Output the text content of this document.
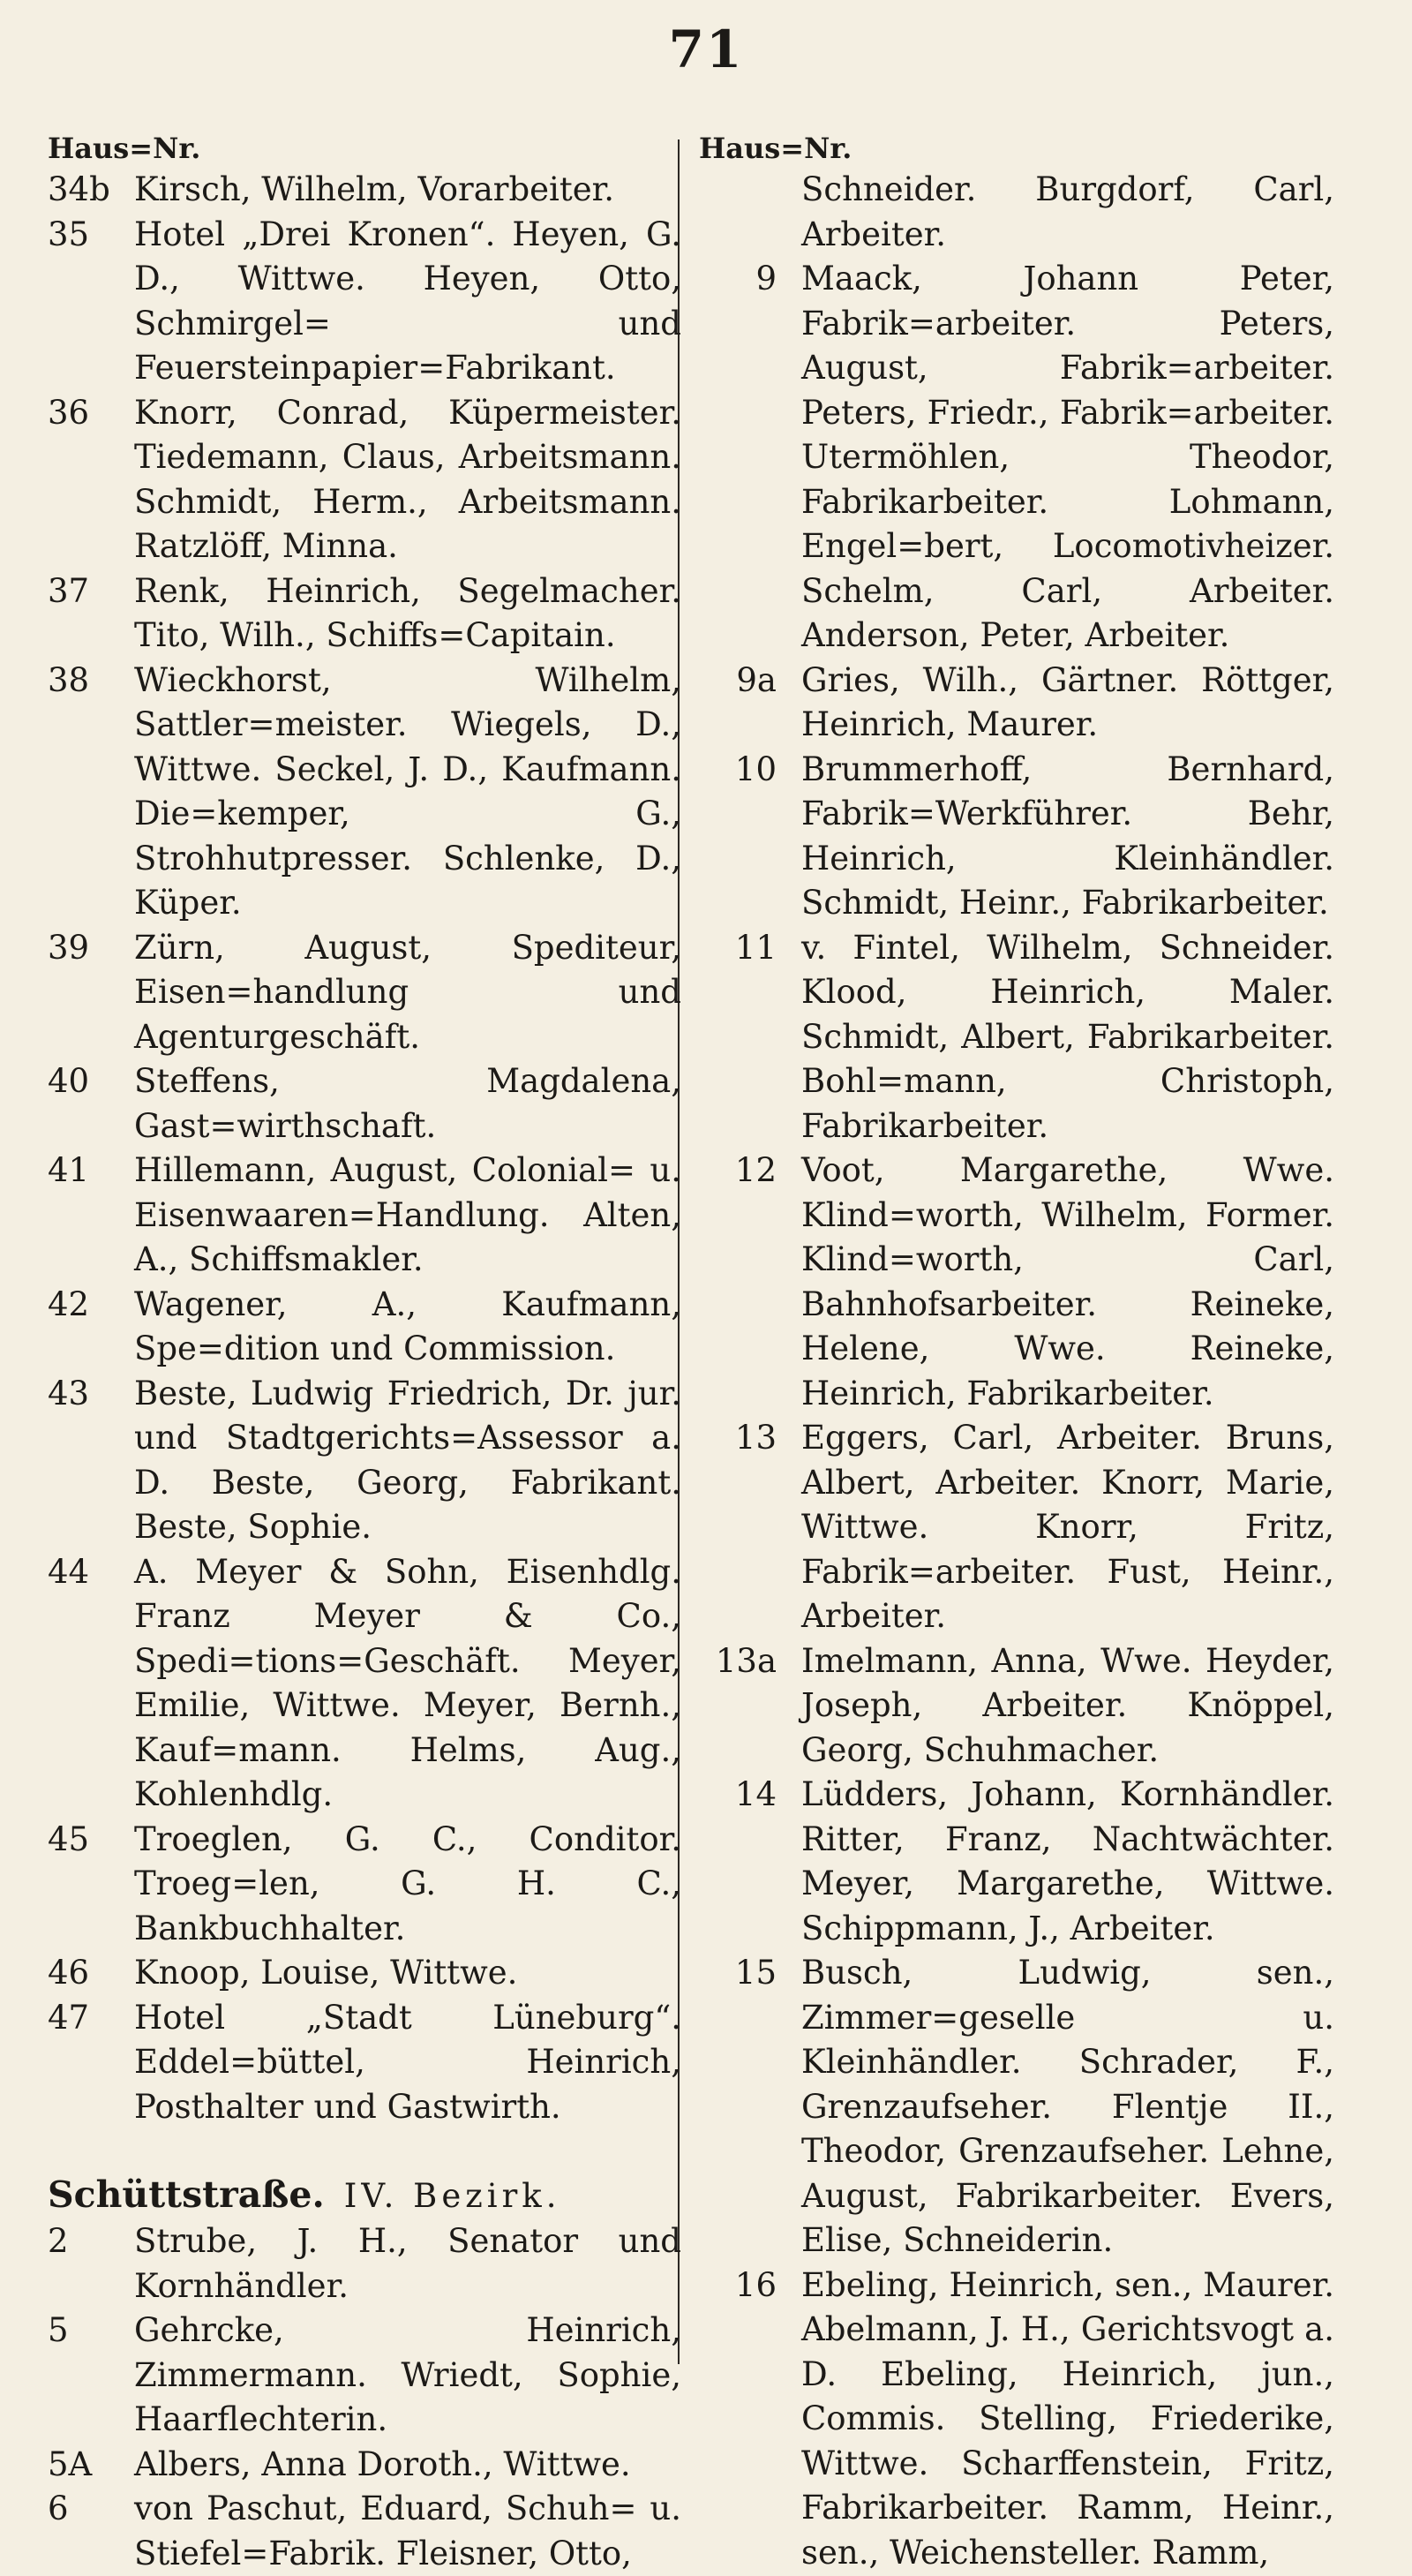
71
Haus=Nr.
34b Kirsch, Wilhelm, Vorarbeiter.
35	Hotel „Drei Kronen“. Heyen, G. D., Wittwe. Heyen, Otto, Schmirgel= und Feuersteinpapier=Fabrikant.
36	Knorr, Conrad, Küpermeister. Tiedemann, Claus, Arbeitsmann. Schmidt, Herm., Arbeitsmann. Ratzlöff, Minna.
37	Renk, Heinrich, Segelmacher. Tito, Wilh., Schiffs=Capitain.
38	Wieckhorst, Wilhelm, Sattler=meister. Wiegels, D., Wittwe. Seckel, J. D., Kaufmann. Die=kemper, G., Strohhutpresser. Schlenke, D., Küper.
39	Zürn, August, Spediteur, Eisen=handlung und Agenturgeschäft.
40	Steffens, Magdalena, Gast=wirthschaft.
41	Hillemann, August, Colonial= u. Eisenwaaren=Handlung. Alten, A., Schiffsmakler.
42	Wagener, A., Kaufmann, Spe=dition und Commission.
43	Beste, Ludwig Friedrich, Dr. jur. und Stadtgerichts=Assessor a. D. Beste, Georg, Fabrikant. Beste, Sophie.
44	A. Meyer & Sohn, Eisenhdlg. Franz Meyer & Co., Spedi=tions=Geschäft. Meyer, Emilie, Wittwe. Meyer, Bernh., Kauf=mann. Helms, Aug., Kohlenhdlg.
45	Troeglen, G. C., Conditor. Troeg=len, G. H. C., Bankbuchhalter.
46	Knoop, Louise, Wittwe.
47	Hotel „Stadt Lüneburg“. Eddel=büttel, Heinrich, Posthalter und Gastwirth.
Schüttstraße. IV. Bezirk.
2	Strube, J. H., Senator und Kornhändler.
5	Gehrcke, Heinrich, Zimmermann. Wriedt, Sophie, Haarflechterin.
5A	Albers, Anna Doroth., Wittwe.
6	von Paschut, Eduard, Schuh= u. Stiefel=Fabrik. Fleisner, Otto,
Haus=Nr.
Schneider. Burgdorf, Carl, Arbeiter.
9 Maack, Johann Peter, Fabrik=arbeiter. Peters, August, Fabrik=arbeiter. Peters, Friedr., Fabrik=arbeiter. Utermöhlen, Theodor, Fabrikarbeiter. Lohmann, Engel=bert, Locomotivheizer. Schelm, Carl, Arbeiter. Anderson, Peter, Arbeiter.
9a Gries, Wilh., Gärtner. Röttger, Heinrich, Maurer.
10 Brummerhoff, Bernhard, Fabrik=Werkführer. Behr, Heinrich, Kleinhändler. Schmidt, Heinr., Fabrikarbeiter.
11 v. Fintel, Wilhelm, Schneider. Klood, Heinrich, Maler. Schmidt, Albert, Fabrikarbeiter. Bohl=mann, Christoph, Fabrikarbeiter.
12 Voot, Margarethe, Wwe. Klind=worth, Wilhelm, Former. Klind=worth, Carl, Bahnhofsarbeiter. Reineke, Helene, Wwe. Reineke, Heinrich, Fabrikarbeiter.
13 Eggers, Carl, Arbeiter. Bruns, Albert, Arbeiter. Knorr, Marie, Wittwe. Knorr, Fritz, Fabrik=arbeiter. Fust, Heinr., Arbeiter.
13a Imelmann, Anna, Wwe. Heyder, Joseph, Arbeiter. Knöppel, Georg, Schuhmacher.
14 Lüdders, Johann, Kornhändler. Ritter, Franz, Nachtwächter. Meyer, Margarethe, Wittwe. Schippmann, J., Arbeiter.
15 Busch, Ludwig, sen., Zimmer=geselle u. Kleinhändler. Schrader, F., Grenzaufseher. Flentje II., Theodor, Grenzaufseher. Lehne, August, Fabrikarbeiter. Evers, Elise, Schneiderin.
16 Ebeling, Heinrich, sen., Maurer. Abelmann, J. H., Gerichtsvogt a. D. Ebeling, Heinrich, jun., Commis. Stelling, Friederike, Wittwe. Scharffenstein, Fritz, Fabrikarbeiter. Ramm, Heinr., sen., Weichensteller. Ramm,
